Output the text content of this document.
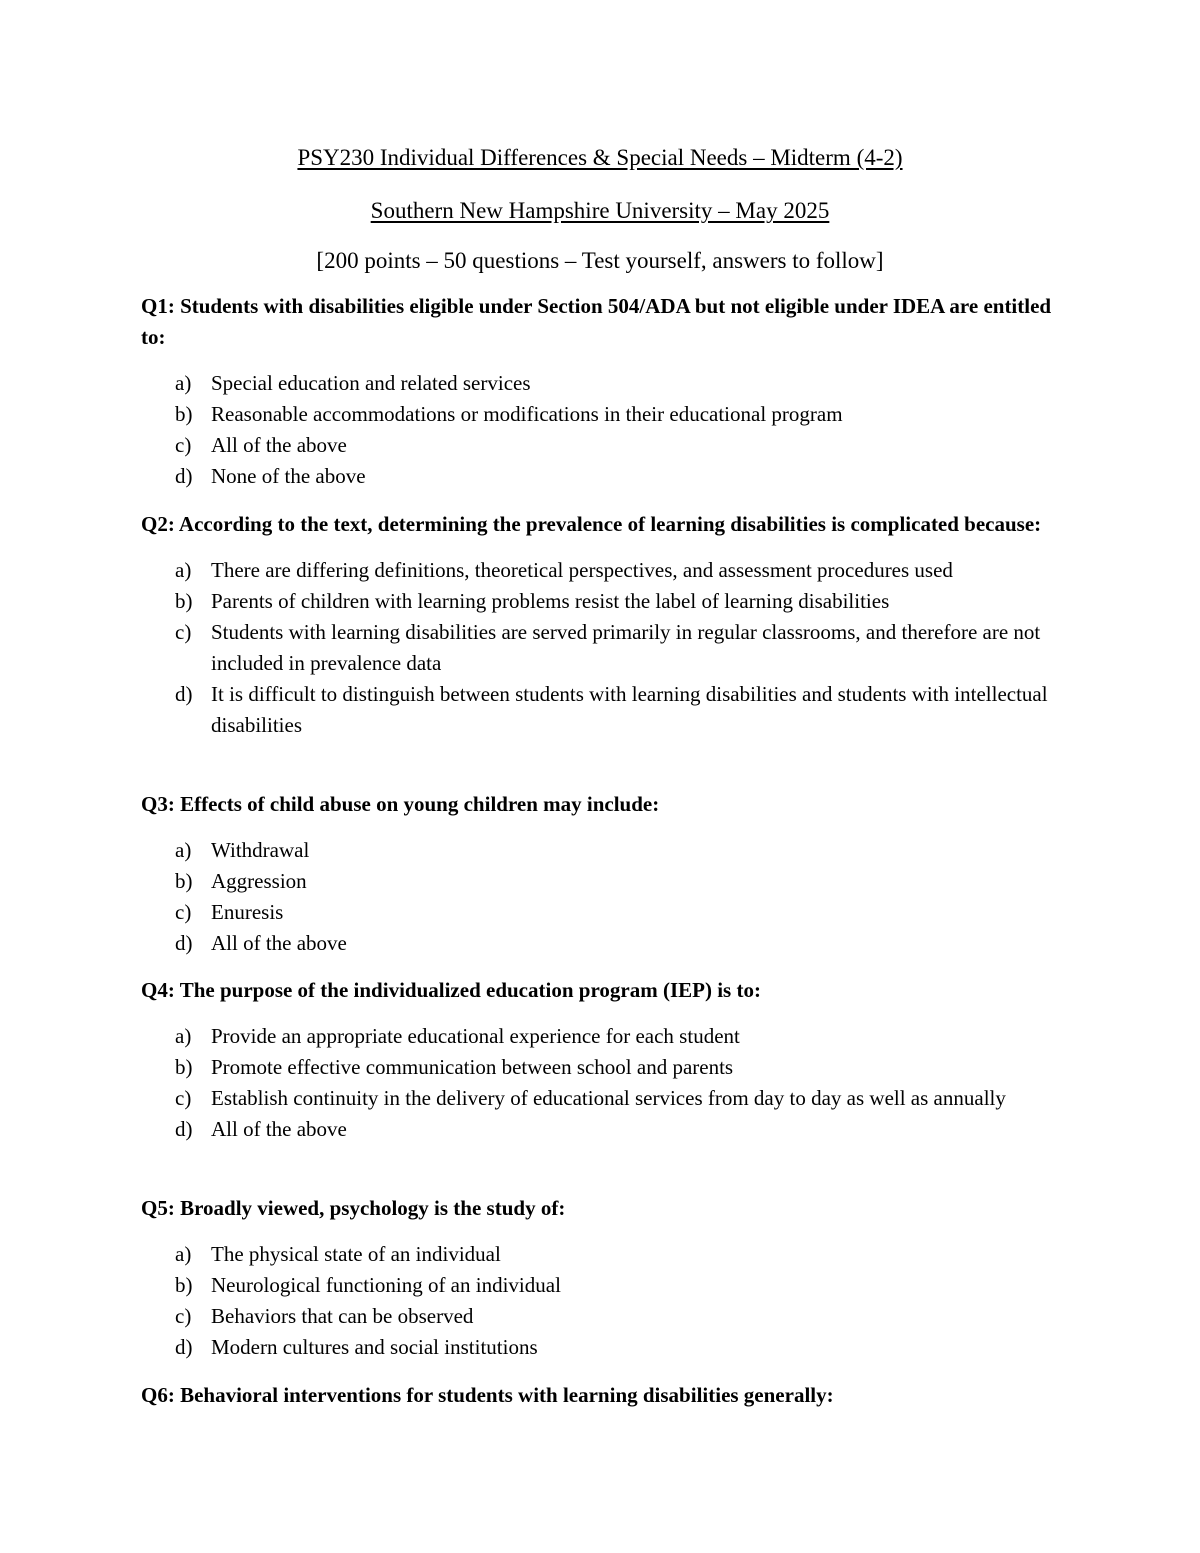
PSY230 Individual Differences & Special Needs – Midterm (4-2)
Southern New Hampshire University – May 2025
[200 points – 50 questions – Test yourself, answers to follow]

Q1: Students with disabilities eligible under Section 504/ADA but not eligible under IDEA are entitled to:

a) Special education and related services
b) Reasonable accommodations or modifications in their educational program
c) All of the above
d) None of the above

Q2: According to the text, determining the prevalence of learning disabilities is complicated because:

a) There are differing definitions, theoretical perspectives, and assessment procedures used
b) Parents of children with learning problems resist the label of learning disabilities
c) Students with learning disabilities are served primarily in regular classrooms, and therefore are not included in prevalence data
d) It is difficult to distinguish between students with learning disabilities and students with intellectual disabilities

Q3: Effects of child abuse on young children may include:

a) Withdrawal
b) Aggression
c) Enuresis
d) All of the above

Q4: The purpose of the individualized education program (IEP) is to:

a) Provide an appropriate educational experience for each student
b) Promote effective communication between school and parents
c) Establish continuity in the delivery of educational services from day to day as well as annually
d) All of the above

Q5: Broadly viewed, psychology is the study of:

a) The physical state of an individual
b) Neurological functioning of an individual
c) Behaviors that can be observed
d) Modern cultures and social institutions

Q6: Behavioral interventions for students with learning disabilities generally:
